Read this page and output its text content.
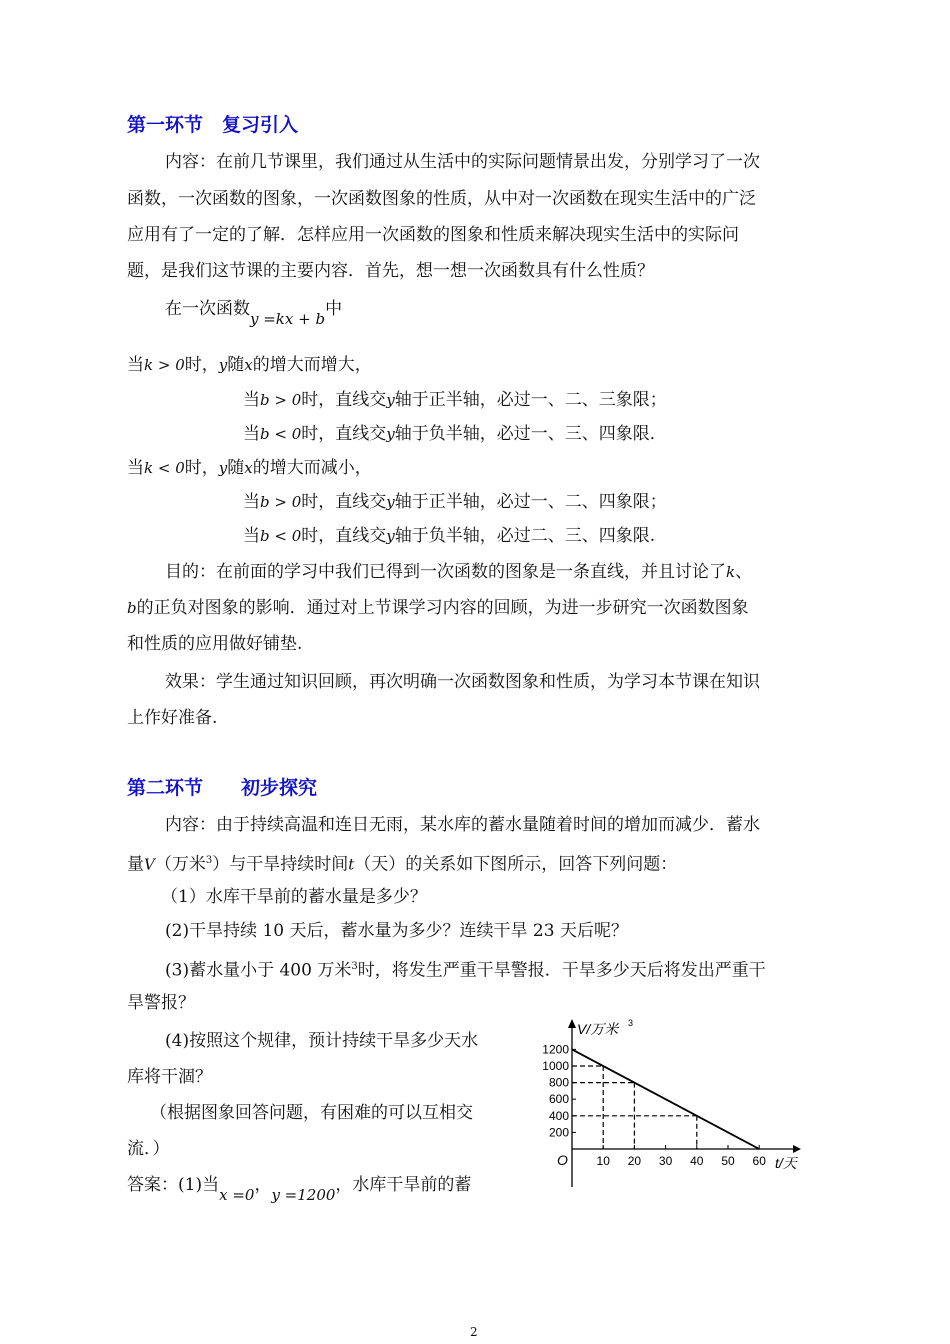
第一环节　复习引入
内容：在前几节课里，我们通过从生活中的实际问题情景出发，分别学习了一次
函数，一次函数的图象，一次函数图象的性质，从中对一次函数在现实生活中的广泛
应用有了一定的了解．怎样应用一次函数的图象和性质来解决现实生活中的实际问
题，是我们这节课的主要内容．首先，想一想一次函数具有什么性质？
在一次函数y =kx + b中
当k > 0时，y随x的增大而增大，
当b > 0时，直线交y轴于正半轴，必过一、二、三象限；
当b < 0时，直线交y轴于负半轴，必过一、三、四象限．
当k < 0时，y随x的增大而减小，
当b > 0时，直线交y轴于正半轴，必过一、二、四象限；
当b < 0时，直线交y轴于负半轴，必过二、三、四象限.
目的：在前面的学习中我们已得到一次函数的图象是一条直线，并且讨论了k、
b的正负对图象的影响．通过对上节课学习内容的回顾，为进一步研究一次函数图象
和性质的应用做好铺垫.
效果：学生通过知识回顾，再次明确一次函数图象和性质，为学习本节课在知识
上作好准备.
第二环节　　初步探究
内容：由于持续高温和连日无雨，某水库的蓄水量随着时间的增加而减少．蓄水
量V（万米$^3$）与干旱持续时间t（天）的关系如下图所示，回答下列问题：
（1）水库干旱前的蓄水量是多少？
(2)干旱持续 10 天后，蓄水量为多少？连续干旱 23 天后呢？
(3)蓄水量小于 400 万米$^3$时，将发生严重干旱警报．干旱多少天后将发出严重干
旱警报？
(4)按照这个规律，预计持续干旱多少天水
库将干涸？
（根据图象回答问题，有困难的可以互相交
流．）
答案：(1)当x =0，y =1200，水库干旱前的蓄
V/万米 3
t/天
O 10 20 30 40 50 60
200
400
600
800
1000
1200
2
